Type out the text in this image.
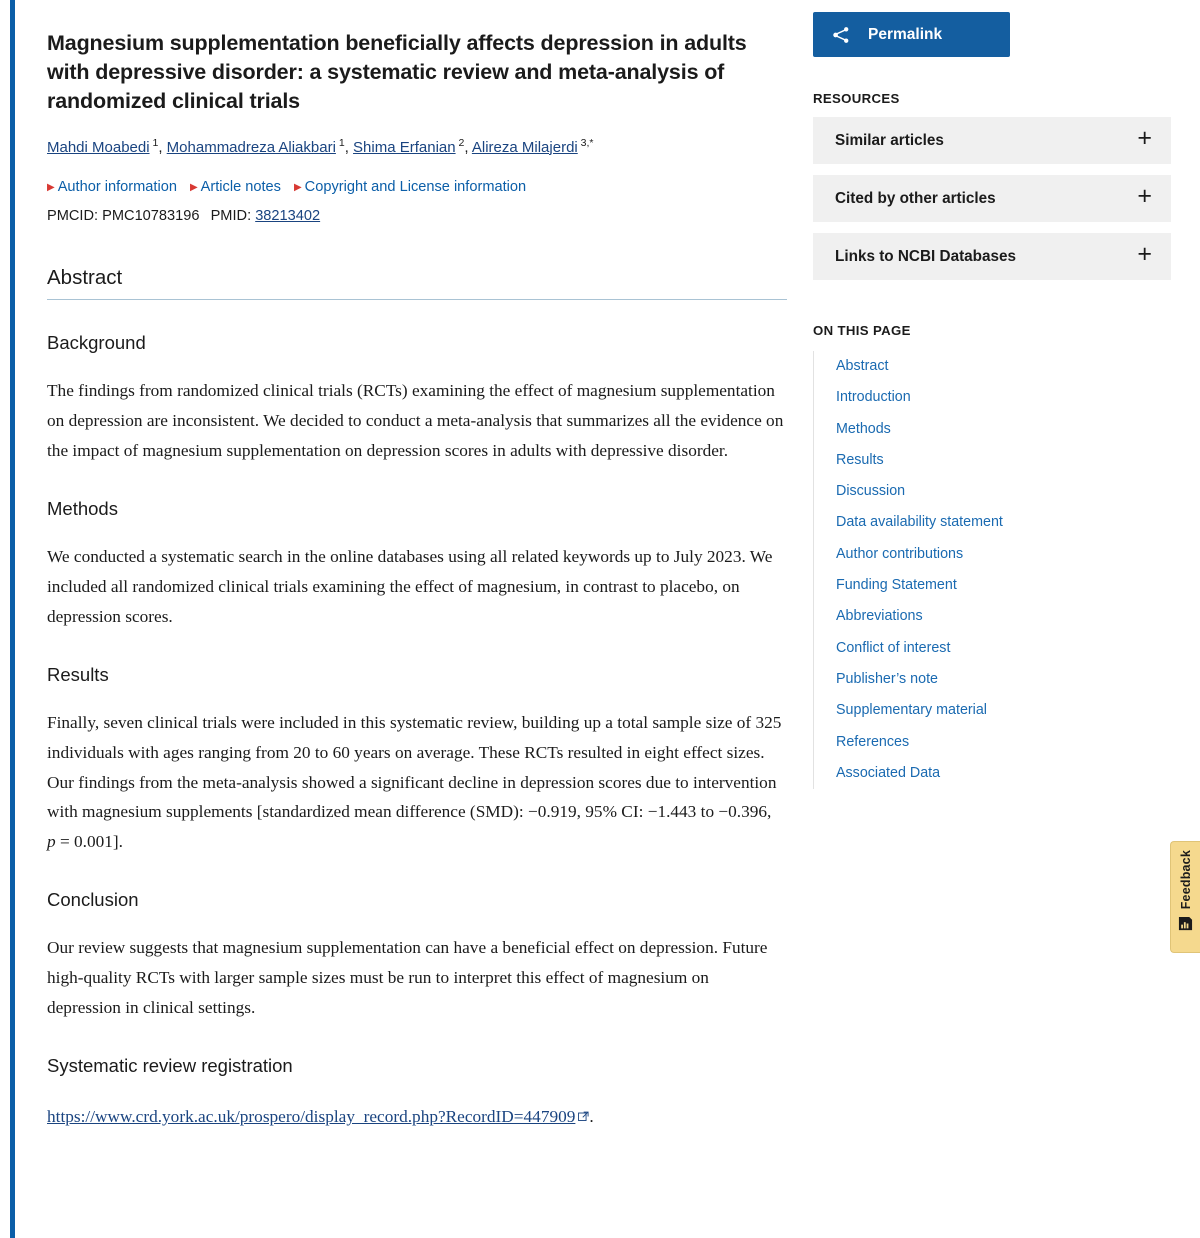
Magnesium supplementation beneficially affects depression in adults with depressive disorder: a systematic review and meta-analysis of randomized clinical trials
Mahdi Moabedi $^1$, Mohammadreza Aliakbari $^1$, Shima Erfanian $^2$, Alireza Milajerdi $^{3,*}$
▶ Author information ▶ Article notes ▶ Copyright and License information
PMCID: PMC10783196 PMID: 38213402
Abstract
Background

The findings from randomized clinical trials (RCTs) examining the effect of magnesium supplementation on depression are inconsistent. We decided to conduct a meta-analysis that summarizes all the evidence on the impact of magnesium supplementation on depression scores in adults with depressive disorder.

Methods

We conducted a systematic search in the online databases using all related keywords up to July 2023. We included all randomized clinical trials examining the effect of magnesium, in contrast to placebo, on depression scores.

Results

Finally, seven clinical trials were included in this systematic review, building up a total sample size of 325 individuals with ages ranging from 20 to 60 years on average. These RCTs resulted in eight effect sizes. Our findings from the meta-analysis showed a significant decline in depression scores due to intervention with magnesium supplements [standardized mean difference (SMD): −0.919, 95% CI: −1.443 to −0.396, p = 0.001].

Conclusion

Our review suggests that magnesium supplementation can have a beneficial effect on depression. Future high-quality RCTs with larger sample sizes must be run to interpret this effect of magnesium on depression in clinical settings.

Systematic review registration

https://www.crd.york.ac.uk/prospero/display_record.php?RecordID=447909 .

Permalink
RESOURCES
Similar articles	+
Cited by other articles	+
Links to NCBI Databases	+
ON THIS PAGE
Abstract
Introduction
Methods
Results
Discussion
Data availability statement
Author contributions
Funding Statement
Abbreviations
Conflict of interest
Publisher’s note
Supplementary material
References
Associated Data
Feedback
